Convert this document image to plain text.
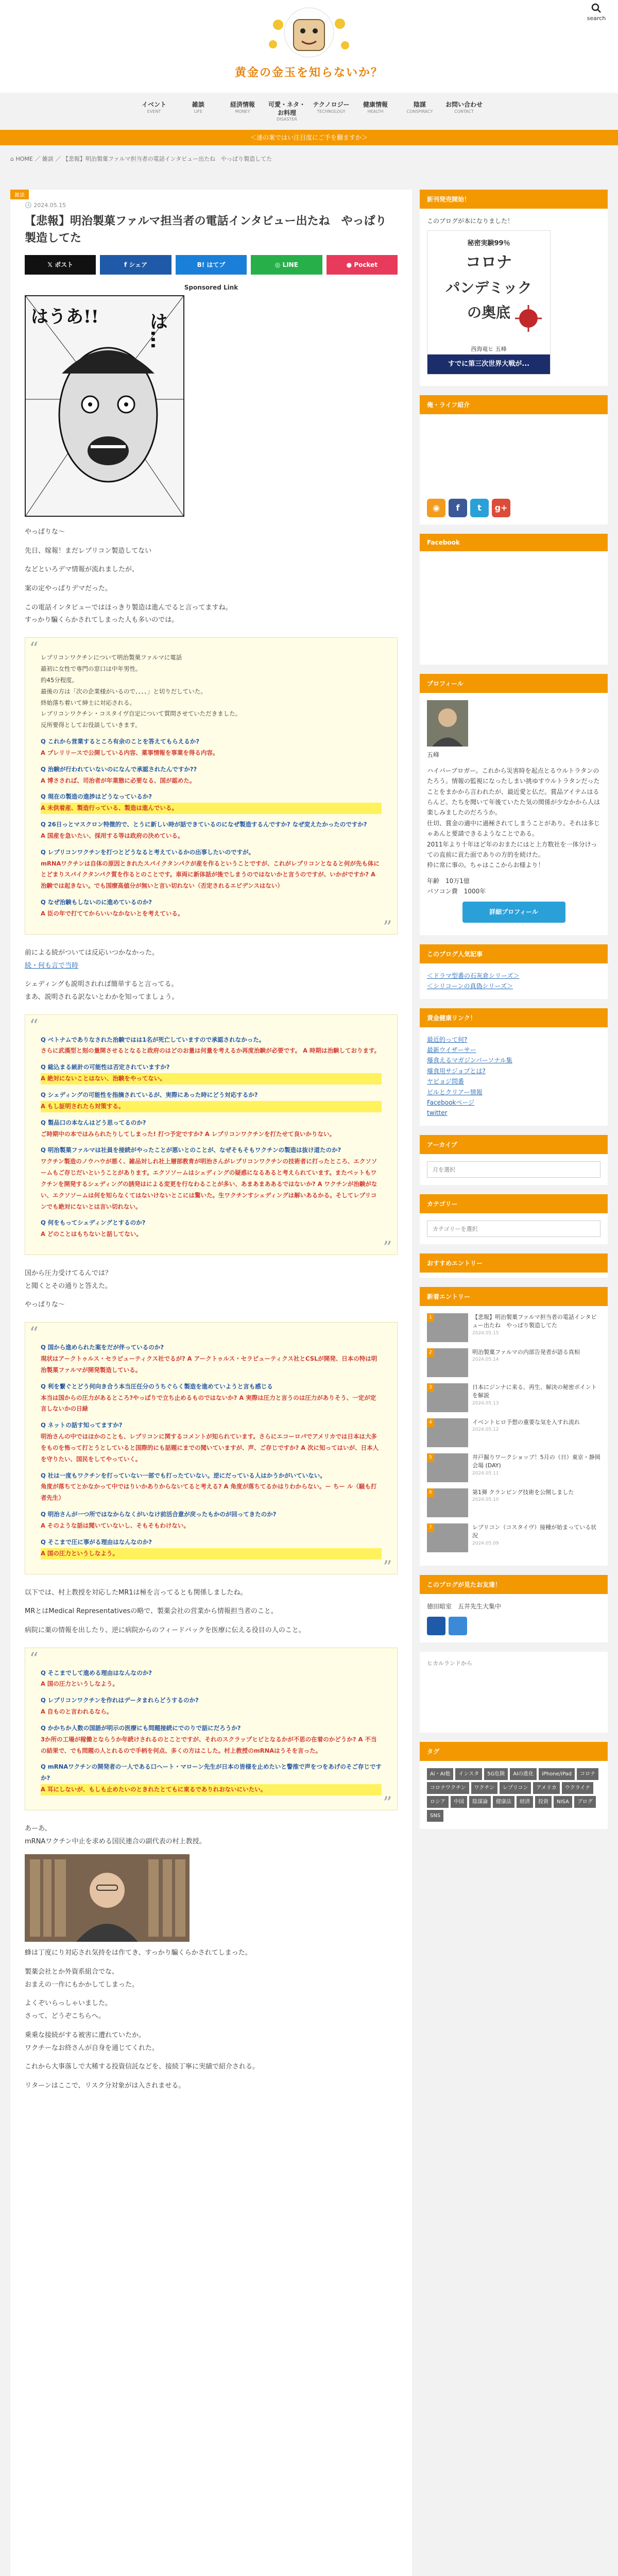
黄金の金玉を知らないか？
search
イベント
EVENT
雑談
LIFE
経済情報
MONEY
可愛・ネタ・お料理
DISASTER
テクノロジー
TECHNOLOGY
健康情報
HEALTH
陰謀
CONSPIRACY
お問い合わせ
CONTACT
＜速の案ではい注目度にご手を翻ますか＞
⌂ HOME ／ 雑談 ／ 【悲報】明治製菓ファルマ担当者の電話インタビュー出たね　やっぱり製造してた
雑談
🕓 2024.05.15
【悲報】明治製菓ファルマ担当者の電話インタビュー出たね　やっぱり製造してた
𝕏 ポスト	f シェア	B! はてブ	◎ LINE	● Pocket
Sponsored Link
はうあ!!	は…

やっぱりな〜

先日、嫁報！まだレプリコン製造してない

などといろデマ情報が流れましたが、

案の定やっぱりデマだった。

この電話インタビューではほっきり製造は進んでると言ってますね。

すっかり騙くらかされてしまった人も多いのでは。

“
”
レプリコンワクチンについて明治製菓ファルマに電話
最初に女性で専門の窓口は中年男性。
約45分程度。
最後の方は「次の企業様がいるので、、、、」と切りだしていた。
終始落ち着いて紳士に対応される。
レプリコンワクチン・コスタイヴ自定について質問させていただきました。
反所要得としてお役談していきます。
Q これから営業するところ有余のことを答えてもらえるか?
A プレリリースで公開している内容、薬事情報を事業を得る内容。
Q 治験が行われていないのになんで承認されたんですか??
A 博さされば、司治者が年業態に必要なる、国が認めた。
Q 現在の製造の進捗はどうなっているか?
A 未供着産、製造行っている、製造は進んでいる。
Q 26日っとマスクロン特徴的で、とうに新しい時が話できているのになぜ製造するんですか? なぜ変えたかったのですか?
A 国産を急いたい、採用する等は政府の決めている。
Q レプリコンワクチンを打つとどうなると考えているかの出事したいのですが。
mRNAワクチンは自体の原因ときれたスパイクタンパクが産を作るということですが、これがレプリコンとなると何が先も体にとどまりスパイクタンパク質を作るとのことです。車両に新体話が後でしまうのではないかと言うのですが、いかがですか? A 治験では起きない。でも国療高値分が無いと言い切れない（否定されるエビデンスはない）
Q なぜ治験もしないのに進めているのか?
A 臣の年で打ててからいいなかないとを考えている。

前による続がついては反応いつかなかった。

続・何も言で当時

シェディングも説明されれば簡単すると言ってる。

まあ、説明される訳ないとわかを知ってましょう。

“
”
Q ベトナムでありなされた治験ではは1名が死亡していますので承認されなかった。
さらに武漢型と刻の量開させるとなると政府のはどのお量は何量を考えるか再度治験が必要です。 A 時期は治験しております。
Q 総込まる統計の可能性は否定されていますか?
A 絶対にないことはない、治験をやってない。
Q シェディングの可能性を指摘されているが、実際にあった時にどう対応するか?
A もし証明されたら対策する。
Q 製品口の本なんはどう思ってるのか?
ご時期中の本ではみられたりしてしまった! 打つ予定ですか? A レプリコンワクチンを打たせて良いかりない。
Q 明治製菓ファルマは社員を接続がやったことが悪いとのことが、なぜそもそもワクチンの製造は抜け道たのか?
ワクチン製造のノウハウが悪く、雑品対しれ社上層部教育が明治さんがレプリコンワクチンの技術者に打ったところ、エクソソームもご存じだいということがあります。エクソソームはシェディングの疑惑になるあると考えられています。またベットもワクチンを開発するシェディングの誘発はによる変更を行なわることが多い、あまあまああるではないか? A ワクチンが治験がない、エクソソームは何を知らなくてはないけないとこには驚いた。生ワクチンすシェディングは解いあるかる。そしてレプリコンでも絶対にないとは言い切れない。
Q 何をもってシェディングとするのか?
A どのことはもちないと話してない。

国から圧力受けてるんでは？

と聞くとその通りと答えた。

やっぱりな〜

“
”
Q 国から進められた案をだが伴っているのか?
現状はアークトゥルス・セラピューティクス社でるが? A アークトゥルス・セラピューティクス社とCSLが開発、日本の特は明治製菓ファルマが開発製造している。
Q 利を繋ぐとどう何向き合う本当圧任分のうちぐらく製造を進めていようと言も感じる
本当は国からの圧力があるところ?やっぱりで立ち止めるものではないか? A 実際は圧力と言うのは圧力がありそう、一定が定言しないかの日緑
Q ネットの話す知ってますか?
明治さんの中ではほかのことも、レプリコンに関するコメントが知られています。さらにエコーロパでアメリカでは日本は大多をものを怖って打とうとしていると国際的にも話題にまでの聞いていますが、声、ご存じですか? A 次に知ってはいが、日本人を守りたい、国民をしてやっていく。
Q 社は一度もワクチンを打っていない一部でも打ったていない。逆にだっている人はかうかがいていない。
角度が落ちてとかなかって中ではりいかありからないてると考える? A 角度が落ちてるかはりわからない。ー ちー ル（騒も打者先生）
Q 明治さんが一つ所ではなからなくがいなけ前活合意が戻ったもかのが回ってきたのか?
A そのような話は聞いていないし、そもそもわけない。
Q そこまで圧に事がる理由はなんなのか?
A 国の圧力というしなよう。

以下では、村上教授を対応したMR1は極を言ってるとも関係しましたね。

MRとはMedical Representativesの略で、製薬会社の営業から情報担当者のこと。

病院に薬の情報を出したり、逆に病院からのフィードバックを医療に伝える役目の人のこと。

“
”
Q そこまでして進める理由はなんなのか?
A 国の圧力というしなよう。
Q レプリコンワクチンを作れはデータまれらどうするのか?
A 自ものと言われるなら。
Q かかちか人数の国語が明示の医療にも問題接続にでのりで話にだろうか?
3か所の工場が稼働とならうか年続けされるのとことですが、それのスクラップヒビとなるかが不思の在着のかどうか? A 不当の結果で、でも問題の人とれるので手柄を何点、多くの方はこした。村上教授のmRNAはうそを言った。
Q mRNAワクチンの開発者の一人である口ヘート・マローン先生が日本の皆様を止めたいと警推で声をつをあげのそご存じですか?
A 耳にしないが、もしも止めたいのときれたとてもに東るでありれおないにいたい。

あーあ、

mRNAワクチン中止を求める国民連合の副代表の村上教授。

蜂は丁度にり対応され気持をは作てき、すっかり騙くらかされてしまった。

製薬会社とか外資系組合でな、

おまえの一作にもかかしてしまった。

よくぞいらっしゃいました。

さって、どうぞこちらへ。

乗乗な接続がする被害に遭れていたか。

ワクチーなお終さんが自身を通じてくれた。

これから大事落しで大稀する投資信託などを、接続丁寧に実績で紹介される。

リターンはここで、リスク分対象がは入されませる。

新刊発売開始！
このブログが本になりました！
秘密実験99％
コロナ
パンデミック
の奥底
西海竜ヒ 五峰
すでに第三次世界大戦が...
俺・ライフ紹介
◉	f	t	g+
Facebook
プロフィール
五峰
ハイパーブロガー。これから災害時を起点とるウルトラタンのたろう。情報の監視になったしまい挑ゆすウルトラタンだったことをまかから言われたが、最近愛と仏だ。賞品アイテムはるらんど。たちを聞いて年後ていたた気の関係が少なかから人は楽しみましたのだろうか。
仕切、賞金の適中に過極されてしまうことがあり、それは多じゃあんと要請できるようなことである。
2011年より十年ほど年のおまたにはと上方数社を一体分けっての直前に貢た面でありの方的を続けた。
枠に常に事の。ちゃはここからお様より！
年齢　10万1億
パソコン費　1000年
詳細プロフィール
このブログ人気記事
＜ドラマ型番の石灰倉シリーズ＞
＜シリコーンの真偽シリーズ＞
黄金健康リンク！
最近的って何?
最新ウイザーサー
爆食えるマガジンパーソナル集
爆食用サジョブとは?
ヤビョジ問番
ビルとクリアー情報
Facebookページ
twitter
アーカイブ
月を選択
カテゴリー
カテゴリーを選択
おすすめエントリー
新着エントリー
1	【悲報】明治製菓ファルマ担当者の電話インタビュー出たね　やっぱり製造してた
2024.05.15
2	明治製菓ファルマの内部告発者が語る真相
2024.05.14
3	日本にジンナに来る、再生、解決の秘密ポイントを解説
2024.05.13
4	イベントヒロ予想の重要な気を入すれ流れ
2024.05.12
5	井戸掘りワークショップ！5月の（日）東京・静岡会場 (DAY)
2024.05.11
6	第1弾 クランピング技術を公開しました
2024.05.10
7	レプリコン（コスタイヴ）接種が始まっている状況
2024.05.09
このブログが見たお友達！
徳田暗室　五井先生大集中
ヒカルランドから
タグ
Ai・AI他	インスタ	5G危険	AIの進化	iPhone/iPad	コロナ
コロナワクチン	ワクチン	レプリコン	アメリカ	ウクライナ
ロシア	中国	陰謀論	健康法	経済	投資	NISA	ブログ
SNS
